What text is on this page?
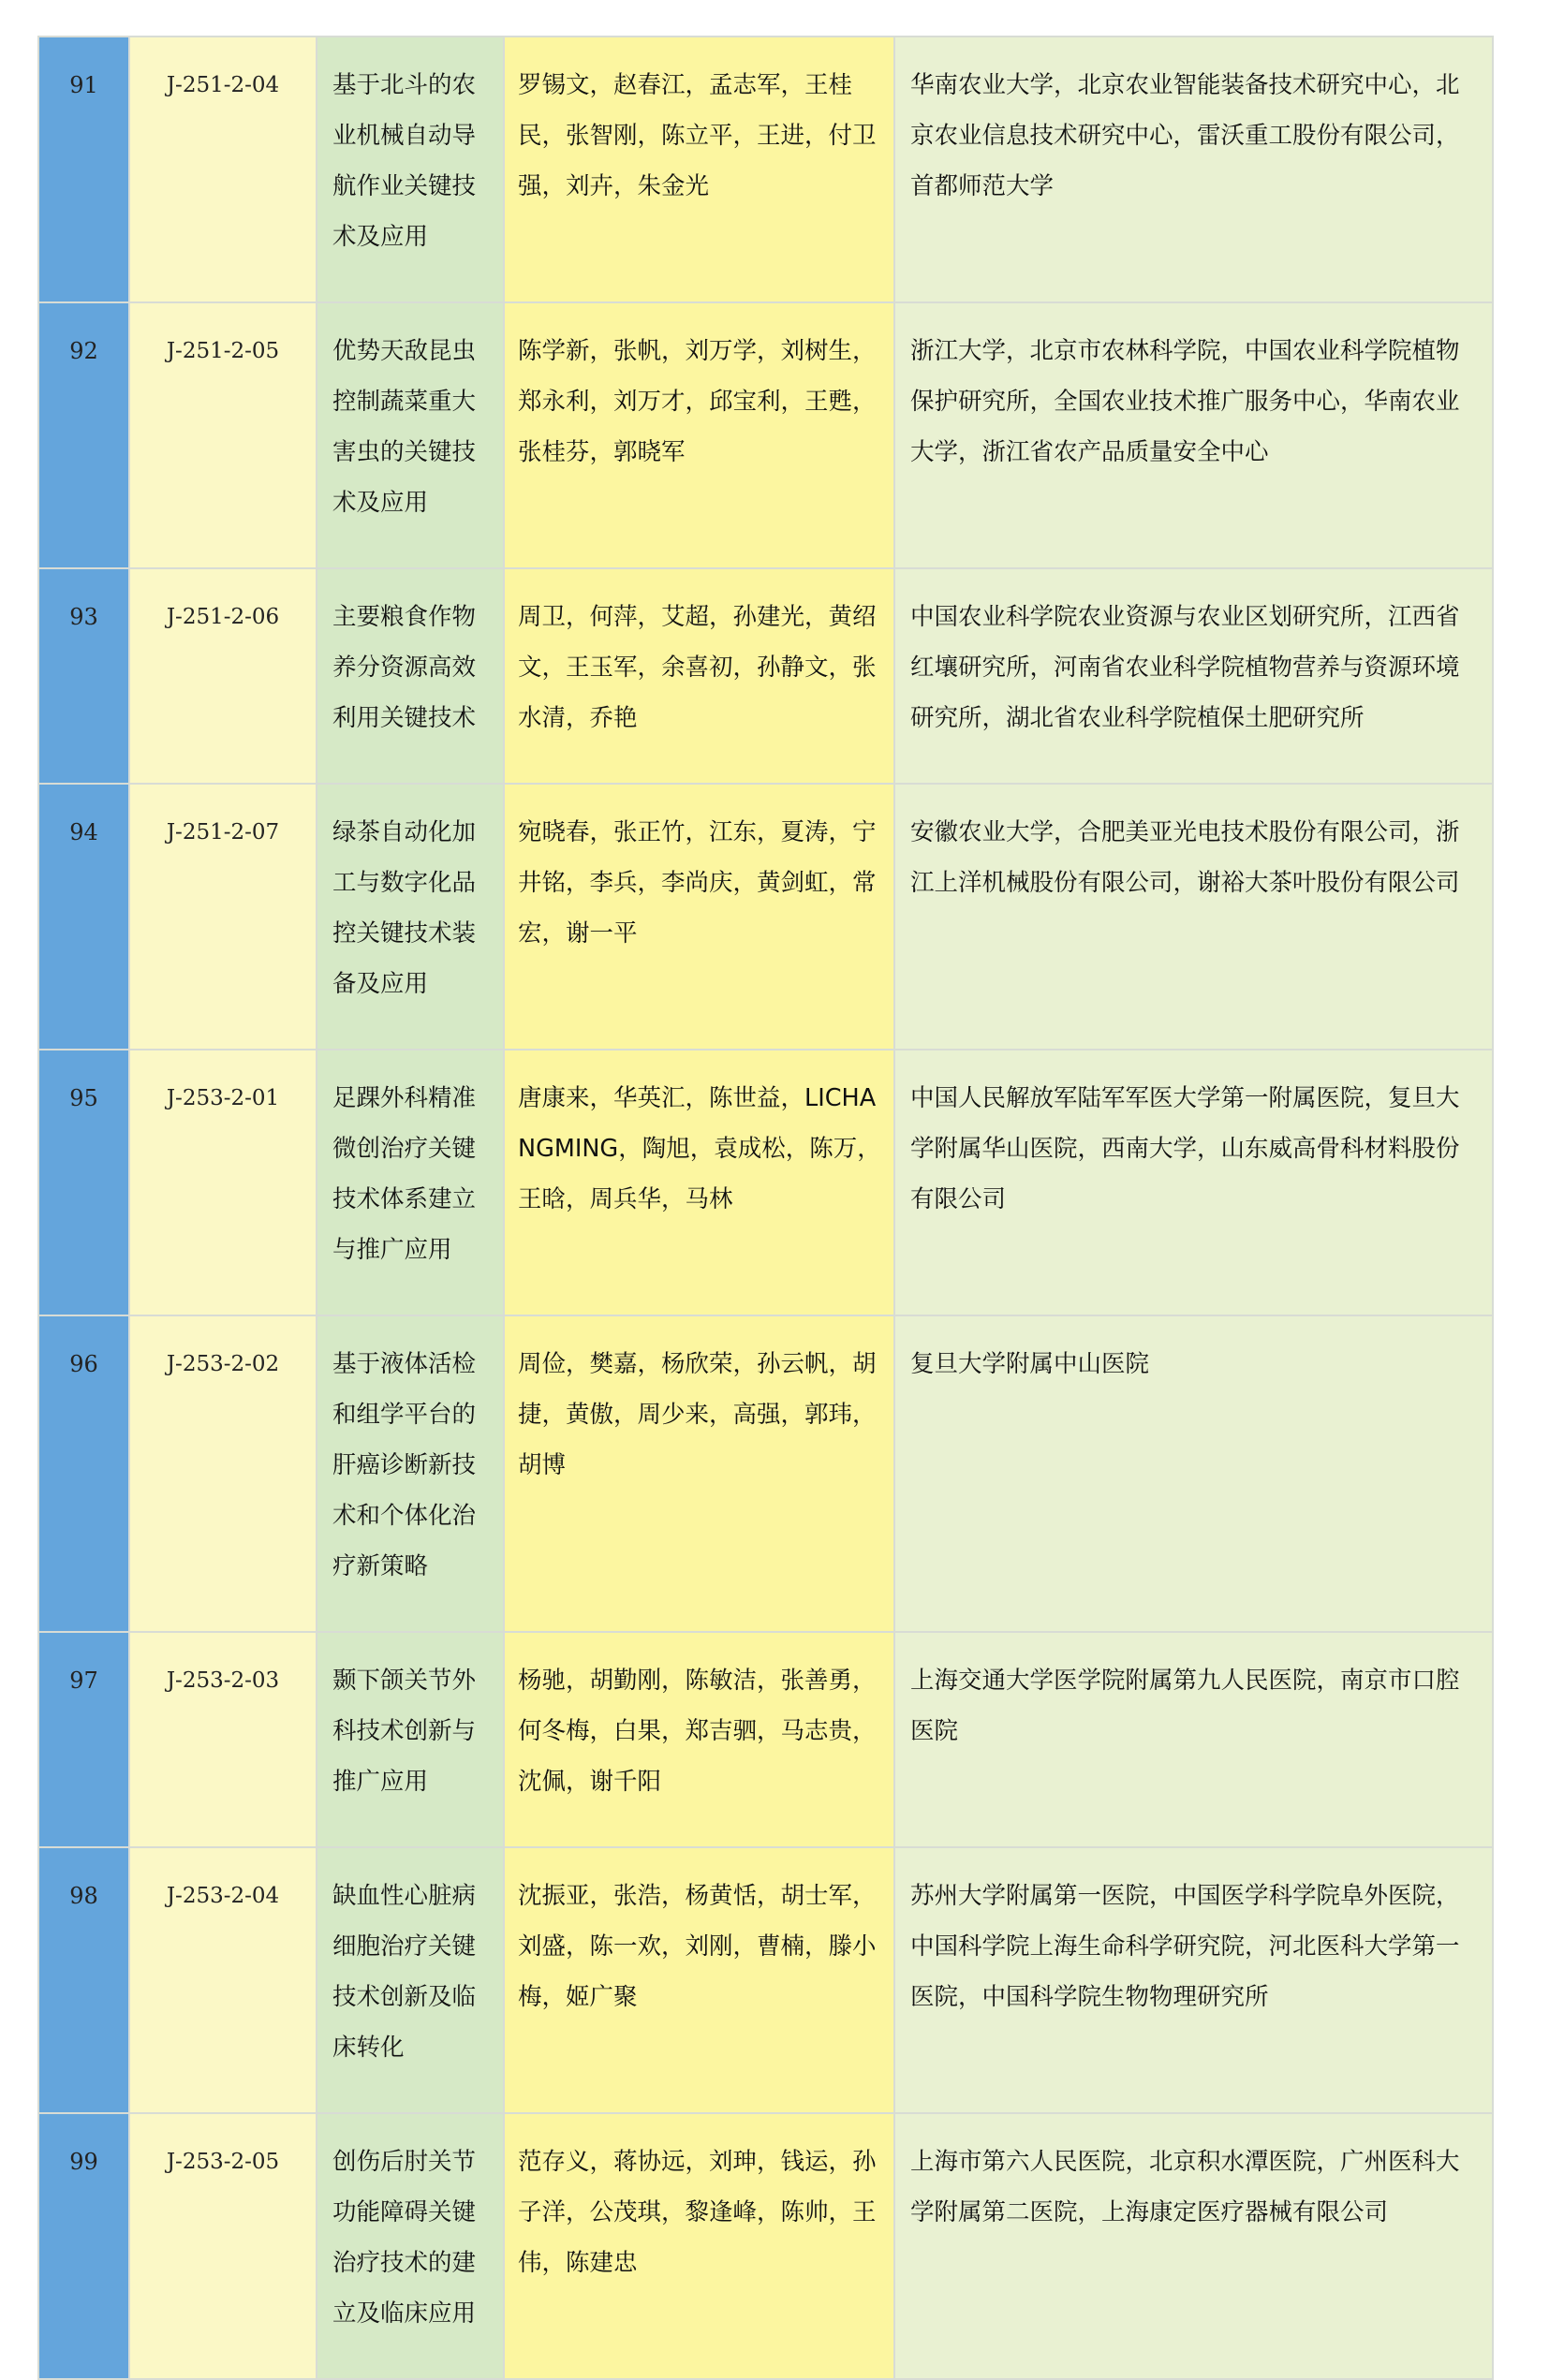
91	J-251-2-04	基于北斗的农业机械自动导航作业关键技术及应用	罗锡文，赵春江，孟志军，王桂民，张智刚，陈立平，王进，付卫强，刘卉，朱金光	华南农业大学，北京农业智能装备技术研究中心，北京农业信息技术研究中心，雷沃重工股份有限公司，首都师范大学
92	J-251-2-05	优势天敌昆虫控制蔬菜重大害虫的关键技术及应用	陈学新，张帆，刘万学，刘树生，郑永利，刘万才，邱宝利，王甦，张桂芬，郭晓军	浙江大学，北京市农林科学院，中国农业科学院植物保护研究所，全国农业技术推广服务中心，华南农业大学，浙江省农产品质量安全中心
93	J-251-2-06	主要粮食作物养分资源高效利用关键技术	周卫，何萍，艾超，孙建光，黄绍文，王玉军，余喜初，孙静文，张水清，乔艳	中国农业科学院农业资源与农业区划研究所，江西省红壤研究所，河南省农业科学院植物营养与资源环境研究所，湖北省农业科学院植保土肥研究所
94	J-251-2-07	绿茶自动化加工与数字化品控关键技术装备及应用	宛晓春，张正竹，江东，夏涛，宁井铭，李兵，李尚庆，黄剑虹，常宏，谢一平	安徽农业大学，合肥美亚光电技术股份有限公司，浙江上洋机械股份有限公司，谢裕大茶叶股份有限公司
95	J-253-2-01	足踝外科精准微创治疗关键技术体系建立与推广应用	唐康来，华英汇，陈世益，LICHANGMING，陶旭，袁成松，陈万，王晗，周兵华，马林	中国人民解放军陆军军医大学第一附属医院，复旦大学附属华山医院，西南大学，山东威高骨科材料股份有限公司
96	J-253-2-02	基于液体活检和组学平台的肝癌诊断新技术和个体化治疗新策略	周俭，樊嘉，杨欣荣，孙云帆，胡捷，黄傲，周少来，高强，郭玮，胡博	复旦大学附属中山医院
97	J-253-2-03	颞下颌关节外科技术创新与推广应用	杨驰，胡勤刚，陈敏洁，张善勇，何冬梅，白果，郑吉驷，马志贵，沈佩，谢千阳	上海交通大学医学院附属第九人民医院，南京市口腔医院
98	J-253-2-04	缺血性心脏病细胞治疗关键技术创新及临床转化	沈振亚，张浩，杨黄恬，胡士军，刘盛，陈一欢，刘刚，曹楠，滕小梅，姬广聚	苏州大学附属第一医院，中国医学科学院阜外医院，中国科学院上海生命科学研究院，河北医科大学第一医院，中国科学院生物物理研究所
99	J-253-2-05	创伤后肘关节功能障碍关键治疗技术的建立及临床应用	范存义，蒋协远，刘珅，钱运，孙子洋，公茂琪，黎逢峰，陈帅，王伟，陈建忠	上海市第六人民医院，北京积水潭医院，广州医科大学附属第二医院，上海康定医疗器械有限公司
